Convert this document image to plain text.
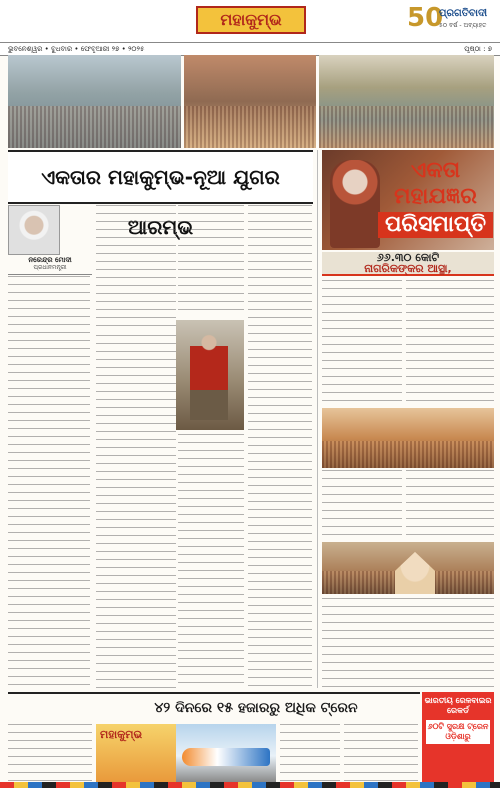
ମହାକୁମ୍ଭ	50
ପ୍ରଗତିବାଦୀ
୫୦ ବର୍ଷ - ଅବ୍ୟାହତ
ଭୁବନେଶ୍ୱର • ବୁଧବାର • ଫେବୃଆରୀ ୨୭ • ୨୦୨୫	ପୃଷ୍ଠା : ୭
ଏକତାର ମହାକୁମ୍ଭ-ନୂଆ ଯୁଗର ଆରମ୍ଭ
ଏକତା
ମହାଯଜ୍ଞର
ପରିସମାପ୍ତି
୬୬.୩୦ କୋଟି
ନାଗରିକଙ୍କର ଆସ୍ଥା,
ନରେନ୍ଦ୍ର ମୋଦୀ
ପ୍ରଧାନମନ୍ତ୍ରୀ
୪୨ ଦିନରେ ୧୫ ହଜାରରୁ ଅଧିକ ଟ୍ରେନ	ଭାରତୀୟ ରେଳବାଇର ରେକର୍ଡ
୬୦ଟି ସୁରକ୍ଷ ଟ୍ରେନ ଓଡ଼ିଶାରୁ
ମହାକୁମ୍ଭ
